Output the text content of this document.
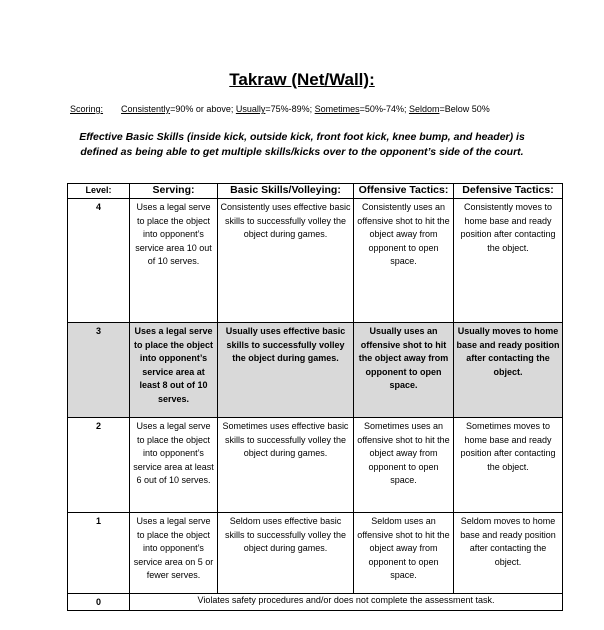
Takraw (Net/Wall):
Scoring: Consistently=90% or above; Usually=75%-89%; Sometimes=50%-74%; Seldom=Below 50%
Effective Basic Skills (inside kick, outside kick, front foot kick, knee bump, and header) is defined as being able to get multiple skills/kicks over to the opponent’s side of the court.
Level:	Serving:	Basic Skills/Volleying:	Offensive Tactics:	Defensive Tactics:
4	Uses a legal serve to place the object into opponent’s service area 10 out of 10 serves.	Consistently uses effective basic skills to successfully volley the object during games.	Consistently uses an offensive shot to hit the object away from opponent to open space.	Consistently moves to home base and ready position after contacting the object.
3	Uses a legal serve to place the object into opponent’s service area at least 8 out of 10 serves.	Usually uses effective basic skills to successfully volley the object during games.	Usually uses an offensive shot to hit the object away from opponent to open space.	Usually moves to home base and ready position after contacting the object.
2	Uses a legal serve to place the object into opponent’s service area at least 6 out of 10 serves.	Sometimes uses effective basic skills to successfully volley the object during games.	Sometimes uses an offensive shot to hit the object away from opponent to open space.	Sometimes moves to home base and ready position after contacting the object.
1	Uses a legal serve to place the object into opponent’s service area on 5 or fewer serves.	Seldom uses effective basic skills to successfully volley the object during games.	Seldom uses an offensive shot to hit the object away from opponent to open space.	Seldom moves to home base and ready position after contacting the object.
0	Violates safety procedures and/or does not complete the assessment task.			
